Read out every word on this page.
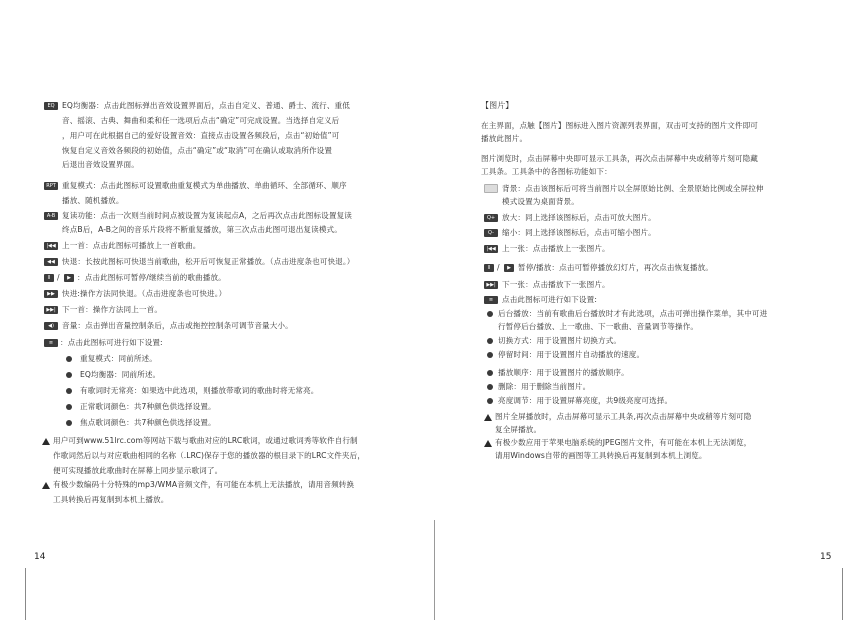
EQ EQ均衡器：点击此图标弹出音效设置界面后，点击自定义、普通、爵士、流行、重低
音、摇滚、古典、舞曲和柔和任一选项后点击“确定”可完成设置。当选择自定义后
，用户可在此根据自己的爱好设置音效：直接点击设置各频段后，点击“初始值”可
恢复自定义音效各频段的初始值，点击“确定”或“取消”可在确认或取消所作设置
后退出音效设置界面。
RPT 重复模式：点击此图标可设置歌曲重复模式为单曲播放、单曲循环、全部循环、顺序
播放、随机播放。
A-B 复读功能：点击一次则当前时间点被设置为复读起点A，之后再次点击此图标设置复读
终点B后，A-B之间的音乐片段将不断重复播放，第三次点击此图可退出复读模式。
|◀◀ 上一首：点击此图标可播放上一首歌曲。
◀◀ 快退：长按此图标可快退当前歌曲，松开后可恢复正常播放。（点击进度条也可快退。）
II /	▶ ：点击此图标可暂停/继续当前的歌曲播放。
▶▶ 快进:操作方法同快退。（点击进度条也可快进。）
▶▶| 下一首：操作方法同上一首。
◀)	音量：点击弹出音量控制条后，点击或拖控控制条可调节音量大小。
≡ ：点击此图标可进行如下设置:
重复模式：同前所述。
EQ均衡器：同前所述。
有歌词时无常亮：如果选中此选项，则播放带歌词的歌曲时将无常亮。
正常歌词颜色：共7种颜色供选择设置。
焦点歌词颜色：共7种颜色供选择设置。
用户可到www.51lrc.com等网站下载与歌曲对应的LRC歌词，或通过歌词秀等软件自行制
作歌词然后以与对应歌曲相同的名称（.LRC)保存于您的播放器的根目录下的LRC文件夹后，
便可实现播放此歌曲时在屏幕上同步显示歌词了。
有极少数编码十分特殊的mp3/WMA音频文件，有可能在本机上无法播放，请用音频转换
工具转换后再复制到本机上播放。
14
【图片】
在主界面，点触【图片】图标进入图片资源列表界面，双击可支持的图片文件即可
播放此图片。
图片浏览时，点击屏幕中央即可显示工具条，再次点击屏幕中央或稍等片刻可隐藏
工具条。工具条中的各图标功能如下：
背景：点击该图标后可将当前图片以全屏原始比例、全景原始比例或全屏拉伸
模式设置为桌面背景。
Q+ 放大：同上选择该图标后，点击可放大图片。
Q-	缩小：同上选择该图标后，点击可缩小图片。
|◀◀ 上一张：点击播放上一张图片。
II /	▶ 暂停/播放：点击可暂停播放幻灯片，再次点击恢复播放。
▶▶| 下一张：点击播放下一张图片。
≡	点击此图标可进行如下设置:
后台播放：当前有歌曲后台播放时才有此选项，点击可弹出操作菜单，其中可进
行暂停后台播放、上一歌曲、下一歌曲、音量调节等操作。
切换方式：用于设置图片切换方式。
停留时间：用于设置图片自动播放的速度。
播放顺序：用于设置图片的播放顺序。
删除：用于删除当前图片。
亮度调节：用于设置屏幕亮度，共9级亮度可选择。
图片全屏播放时，点击屏幕可显示工具条,再次点击屏幕中央或稍等片刻可隐
复全屏播放。
有极少数应用于苹果电脑系统的JPEG图片文件，有可能在本机上无法浏览，
请用Windows自带的画图等工具转换后再复制到本机上浏览。
15
